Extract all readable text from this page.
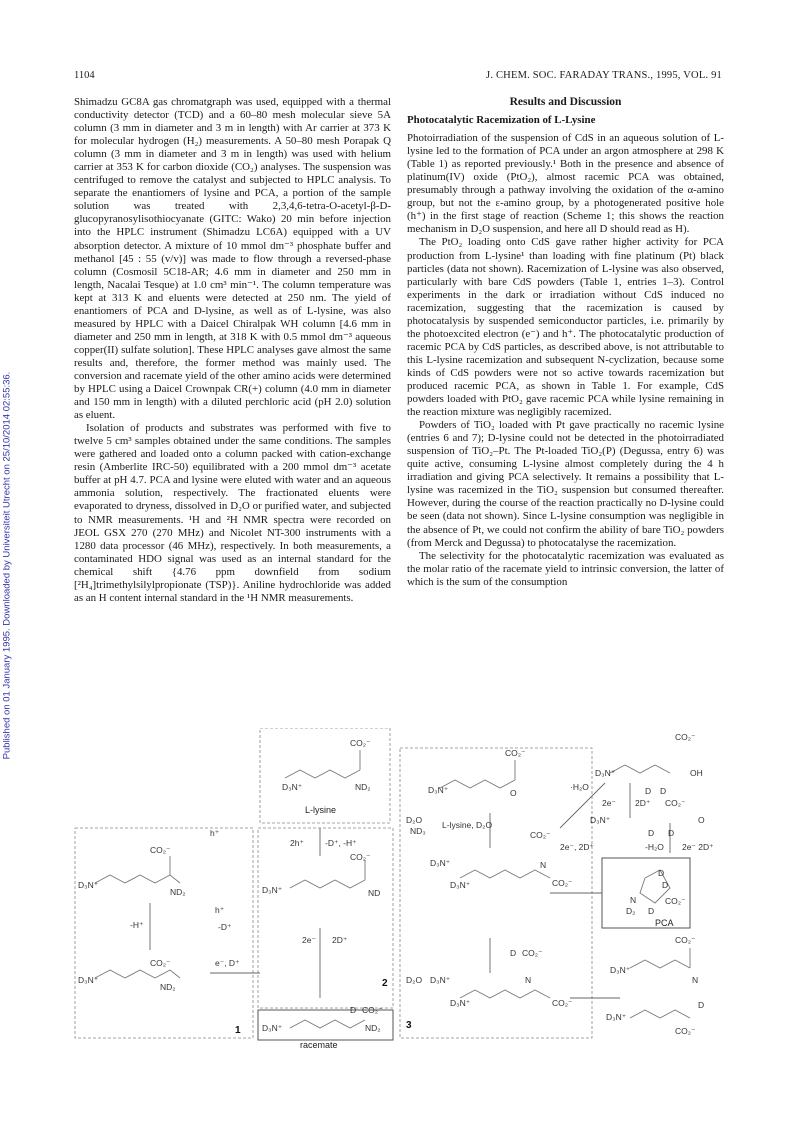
Published on 01 January 1995. Downloaded by Universiteit Utrecht on 25/10/2014 02:55:36.
1104	J. CHEM. SOC. FARADAY TRANS., 1995, VOL. 91

Shimadzu GC8A gas chromatgraph was used, equipped with a thermal conductivity detector (TCD) and a 60–80 mesh molecular sieve 5A column (3 mm in diameter and 3 m in length) with Ar carrier at 373 K for molecular hydrogen (H₂) measurements. A 50–80 mesh Porapak Q column (3 mm in diameter and 3 m in length) was used with helium carrier at 353 K for carbon dioxide (CO₂) analyses. The suspension was centrifuged to remove the catalyst and subjected to HPLC analysis. To separate the enantiomers of lysine and PCA, a portion of the sample solution was treated with 2,3,4,6-tetra-O-acetyl-β-D-glucopyranosylisothiocyanate (GITC: Wako) 20 min before injection into the HPLC instrument (Shimadzu LC6A) equipped with a UV absorption detector. A mixture of 10 mmol dm⁻³ phosphate buffer and methanol [45 : 55 (v/v)] was made to flow through a reversed-phase column (Cosmosil 5C18-AR; 4.6 mm in diameter and 250 mm in length, Nacalai Tesque) at 1.0 cm³ min⁻¹. The column temperature was kept at 313 K and eluents were detected at 250 nm. The yield of enantiomers of PCA and D-lysine, as well as of L-lysine, was also measured by HPLC with a Daicel Chiralpak WH column [4.6 mm in diameter and 250 mm in length, at 318 K with 0.5 mmol dm⁻³ aqueous copper(II) sulfate solution]. These HPLC analyses gave almost the same results and, therefore, the former method was mainly used. The conversion and racemate yield of the other amino acids were determined by HPLC using a Daicel Crownpak CR(+) column (4.0 mm in diameter and 150 mm in length) with a diluted perchloric acid (pH 2.0) solution as eluent.

Isolation of products and substrates was performed with five to twelve 5 cm³ samples obtained under the same conditions. The samples were gathered and loaded onto a column packed with cation-exchange resin (Amberlite IRC-50) equilibrated with a 200 mmol dm⁻³ acetate buffer at pH 4.7. PCA and lysine were eluted with water and an aqueous ammonia solution, respectively. The fractionated eluents were evaporated to dryness, dissolved in D₂O or purified water, and subjected to NMR measurements. ¹H and ²H NMR spectra were recorded on JEOL GSX 270 (270 MHz) and Nicolet NT-300 instruments with a 1280 data processor (46 MHz), respectively. In both measurements, a contaminated HDO signal was used as an internal standard for the chemical shift {4.76 ppm downfield from sodium [²H₄]trimethylsilylpropionate (TSP)}. Aniline hydrochloride was added as an H content internal standard in the ¹H NMR measurements.

Results and Discussion
Photocatalytic Racemization of L-Lysine

Photoirradiation of the suspension of CdS in an aqueous solution of L-lysine led to the formation of PCA under an argon atmosphere at 298 K (Table 1) as reported previously.¹ Both in the presence and absence of platinum(IV) oxide (PtO₂), almost racemic PCA was obtained, presumably through a pathway involving the oxidation of the α-amino group, but not the ε-amino group, by a photogenerated positive hole (h⁺) in the first stage of reaction (Scheme 1; this shows the reaction mechanism in D₂O suspension, and here all D should read as H).

The PtO₂ loading onto CdS gave rather higher activity for PCA production from L-lysine¹ than loading with fine platinum (Pt) black particles (data not shown). Racemization of L-lysine was also observed, particularly with bare CdS powders (Table 1, entries 1–3). Control experiments in the dark or irradiation without CdS induced no racemization, suggesting that the racemization is caused by photocatalysis by suspended semiconductor particles, i.e. primarily by the photoexcited electron (e⁻) and h⁺. The photocatalytic production of racemic PCA by CdS particles, as described above, is not attributable to this L-lysine racemization and subsequent N-cyclization, because some kinds of CdS powders were not so active towards racemization but produced racemic PCA, as shown in Table 1. For example, CdS powders loaded with PtO₂ gave racemic PCA while lysine remaining in the reaction mixture was negligibly racemized.

Powders of TiO₂ loaded with Pt gave practically no racemic lysine (entries 6 and 7); D-lysine could not be detected in the photoirradiated suspension of TiO₂–Pt. The Pt-loaded TiO₂(P) (Degussa, entry 6) was quite active, consuming L-lysine almost completely during the 4 h irradiation and giving PCA selectively. It remains a possibility that L-lysine was racemized in the TiO₂ suspension but consumed thereafter. However, during the course of the reaction practically no D-lysine could be seen (data not shown). Since L-lysine consumption was negligible in the absence of Pt, we could not confirm the ability of bare TiO₂ powders (from Merck and Degussa) to photocatalyse the racemization.

The selectivity for the photocatalytic racemization was evaluated as the molar ratio of the racemate yield to intrinsic conversion, the latter of which is the sum of the consumption

D₃N⁺
CO₂⁻
ND₂
L-lysine
CO₂⁻
D₃N⁺
ND₂
h⁺
-H⁺
CO₂⁻
D₃N⁺
ND₂
e⁻, D⁺
1
2h⁺ -D⁺, -H⁺
CO₂⁻
D₃N⁺	ND
h⁺
-D⁺
2e⁻ 2D⁺
2
D CO₂⁻
D₃N⁺	ND₂
racemate
CO₂⁻
D₃N⁺	O
D₂O
ND₃
L-lysine, D₂O
CO₂⁻
N
D₃N⁺
D₃N⁺	CO₂⁻
D CO₂⁻
D₂O D₃N⁺	N
D₃N⁺	CO₂⁻
3
CO₂⁻
D₃N⁺	OH
D D
2e⁻ 2D⁺ CO₂⁻
·H₂O
D₃N⁺	O
D D
2e⁻, 2D⁺	-H₂O 2e⁻ 2D⁺
D
D
N	CO₂⁻
D₂ D
PCA
CO₂⁻
D₃N⁺
N
D₃N⁺
D
CO₂⁻
